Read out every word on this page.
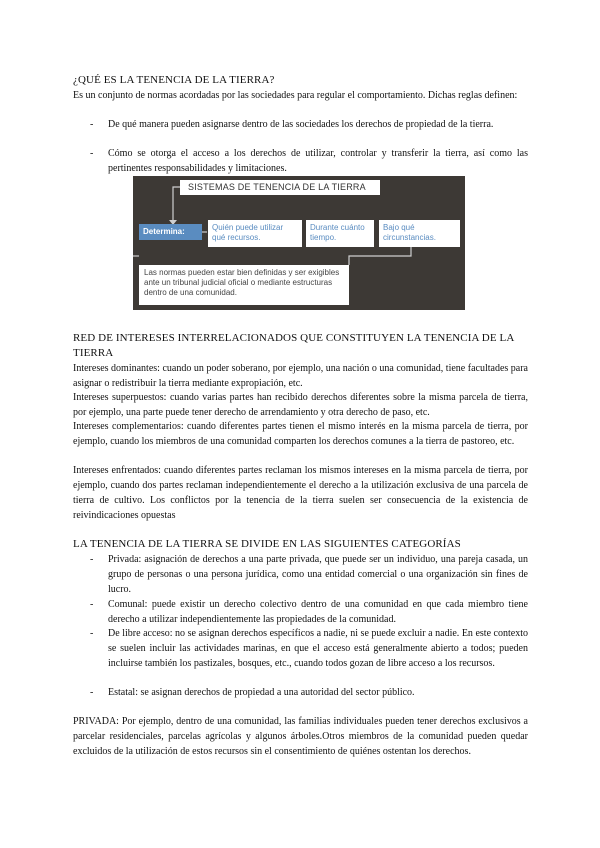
¿QUÉ ES LA TENENCIA DE LA TIERRA?

Es un conjunto de normas acordadas por las sociedades para regular el comportamiento. Dichas reglas definen:

- De qué manera pueden asignarse dentro de las sociedades los derechos de propiedad de la tierra.

- Cómo se otorga el acceso a los derechos de utilizar, controlar y transferir la tierra, así como las pertinentes responsabilidades y limitaciones.

SISTEMAS DE TENENCIA DE LA TIERRA
Determina:	Quién puede utilizar qué recursos.
Durante cuánto tiempo.
Bajo qué circunstancias.
Las normas pueden estar bien definidas y ser exigibles ante un tribunal judicial oficial o mediante estructuras dentro de una comunidad.

RED DE INTERESES INTERRELACIONADOS QUE CONSTITUYEN LA TENENCIA DE LA TIERRA

Intereses dominantes: cuando un poder soberano, por ejemplo, una nación o una comunidad, tiene facultades para asignar o redistribuir la tierra mediante expropiación, etc.

Intereses superpuestos: cuando varias partes han recibido derechos diferentes sobre la misma parcela de tierra, por ejemplo, una parte puede tener derecho de arrendamiento y otra derecho de paso, etc.

Intereses complementarios: cuando diferentes partes tienen el mismo interés en la misma parcela de tierra, por ejemplo, cuando los miembros de una comunidad comparten los derechos comunes a la tierra de pastoreo, etc.

Intereses enfrentados: cuando diferentes partes reclaman los mismos intereses en la misma parcela de tierra, por ejemplo, cuando dos partes reclaman independientemente el derecho a la utilización exclusiva de una parcela de tierra de cultivo. Los conflictos por la tenencia de la tierra suelen ser consecuencia de la existencia de reivindicaciones opuestas

LA TENENCIA DE LA TIERRA SE DIVIDE EN LAS SIGUIENTES CATEGORÍAS

- Privada: asignación de derechos a una parte privada, que puede ser un individuo, una pareja casada, un grupo de personas o una persona jurídica, como una entidad comercial o una organización sin fines de lucro.

- Comunal: puede existir un derecho colectivo dentro de una comunidad en que cada miembro tiene derecho a utilizar independientemente las propiedades de la comunidad.

- De libre acceso: no se asignan derechos específicos a nadie, ni se puede excluir a nadie. En este contexto se suelen incluir las actividades marinas, en que el acceso está generalmente abierto a todos; pueden incluirse también los pastizales, bosques, etc., cuando todos gozan de libre acceso a los recursos.

- Estatal: se asignan derechos de propiedad a una autoridad del sector público.

PRIVADA: Por ejemplo, dentro de una comunidad, las familias individuales pueden tener derechos exclusivos a parcelar residenciales, parcelas agrícolas y algunos árboles.Otros miembros de la comunidad pueden quedar excluidos de la utilización de estos recursos sin el consentimiento de quiénes ostentan los derechos.
